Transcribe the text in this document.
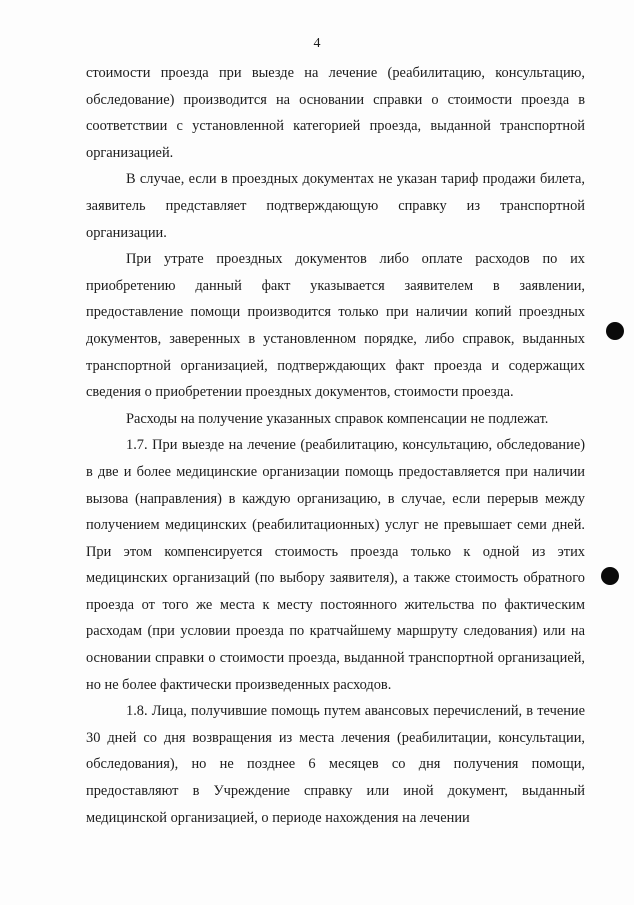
4

стоимости проезда при выезде на лечение (реабилитацию, консультацию, обследование) производится на основании справки о стоимости проезда в соответствии с установленной категорией проезда, выданной транспортной организацией.

В случае, если в проездных документах не указан тариф продажи билета, заявитель представляет подтверждающую справку из транспортной организации.

При утрате проездных документов либо оплате расходов по их приобретению данный факт указывается заявителем в заявлении, предоставление помощи производится только при наличии копий проездных документов, заверенных в установленном порядке, либо справок, выданных транспортной организацией, подтверждающих факт проезда и содержащих сведения о приобретении проездных документов, стоимости проезда.

Расходы на получение указанных справок компенсации не подлежат.

1.7. При выезде на лечение (реабилитацию, консультацию, обследование) в две и более медицинские организации помощь предоставляется при наличии вызова (направления) в каждую организацию, в случае, если перерыв между получением медицинских (реабилитационных) услуг не превышает семи дней. При этом компенсируется стоимость проезда только к одной из этих медицинских организаций (по выбору заявителя), а также стоимость обратного проезда от того же места к месту постоянного жительства по фактическим расходам (при условии проезда по кратчайшему маршруту следования) или на основании справки о стоимости проезда, выданной транспортной организацией, но не более фактически произведенных расходов.

1.8. Лица, получившие помощь путем авансовых перечислений, в течение 30 дней со дня возвращения из места лечения (реабилитации, консультации, обследования), но не позднее 6 месяцев со дня получения помощи, предоставляют в Учреждение справку или иной документ, выданный медицинской организацией, о периоде нахождения на лечении
